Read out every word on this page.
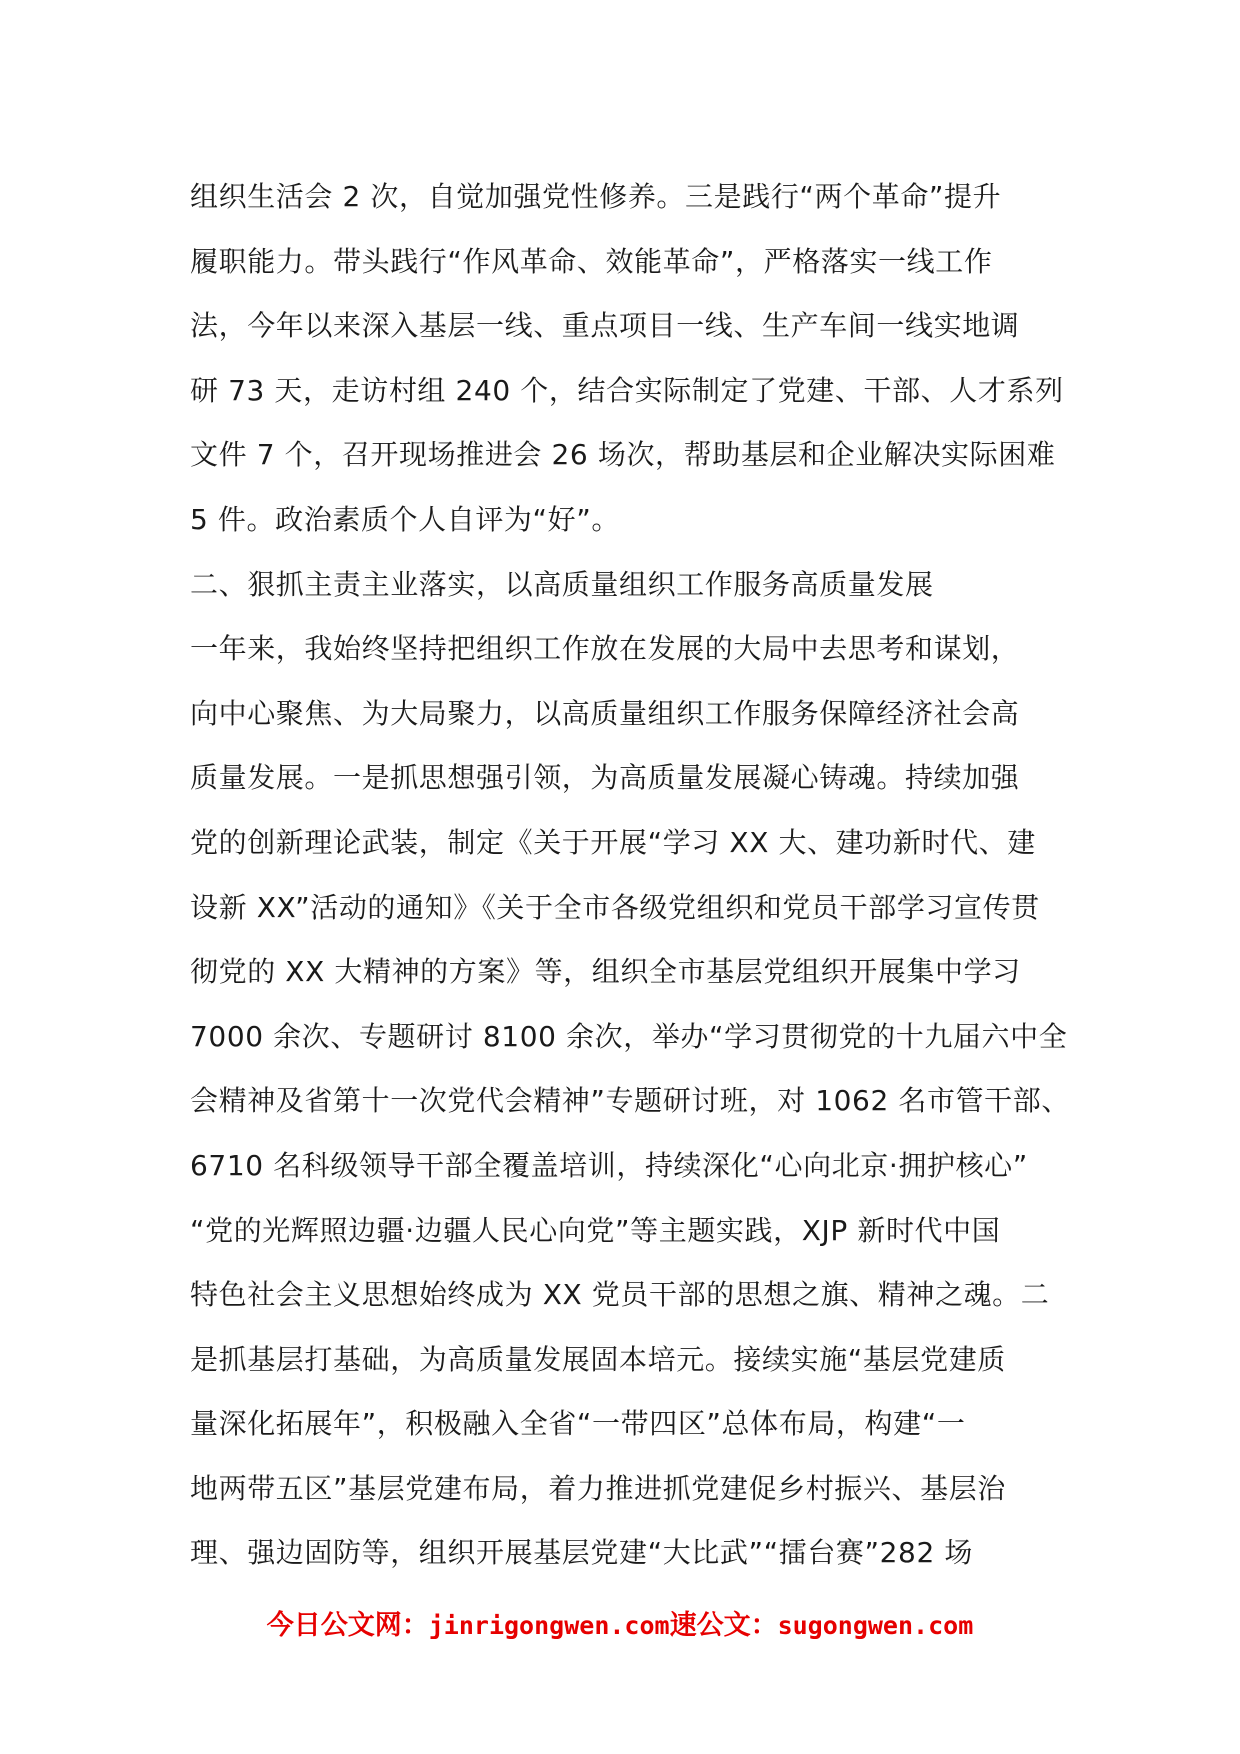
组织生活会 2 次，自觉加强党性修养。三是践行“两个革命”提升
履职能力。带头践行“作风革命、效能革命”，严格落实一线工作
法，今年以来深入基层一线、重点项目一线、生产车间一线实地调
研 73 天，走访村组 240 个，结合实际制定了党建、干部、人才系列
文件 7 个，召开现场推进会 26 场次，帮助基层和企业解决实际困难
5 件。政治素质个人自评为“好”。
二、狠抓主责主业落实，以高质量组织工作服务高质量发展
一年来，我始终坚持把组织工作放在发展的大局中去思考和谋划，
向中心聚焦、为大局聚力，以高质量组织工作服务保障经济社会高
质量发展。一是抓思想强引领，为高质量发展凝心铸魂。持续加强
党的创新理论武装，制定《关于开展“学习 XX 大、建功新时代、建
设新 XX”活动的通知》《关于全市各级党组织和党员干部学习宣传贯
彻党的 XX 大精神的方案》等，组织全市基层党组织开展集中学习
7000 余次、专题研讨 8100 余次，举办“学习贯彻党的十九届六中全
会精神及省第十一次党代会精神”专题研讨班，对 1062 名市管干部、
6710 名科级领导干部全覆盖培训，持续深化“心向北京·拥护核心”
“党的光辉照边疆·边疆人民心向党”等主题实践，XJP 新时代中国
特色社会主义思想始终成为 XX 党员干部的思想之旗、精神之魂。二
是抓基层打基础，为高质量发展固本培元。接续实施“基层党建质
量深化拓展年”，积极融入全省“一带四区”总体布局，构建“一
地两带五区”基层党建布局，着力推进抓党建促乡村振兴、基层治
理、强边固防等，组织开展基层党建“大比武”“擂台赛”282 场
今日公文网：jinrigongwen.com速公文：sugongwen.com
